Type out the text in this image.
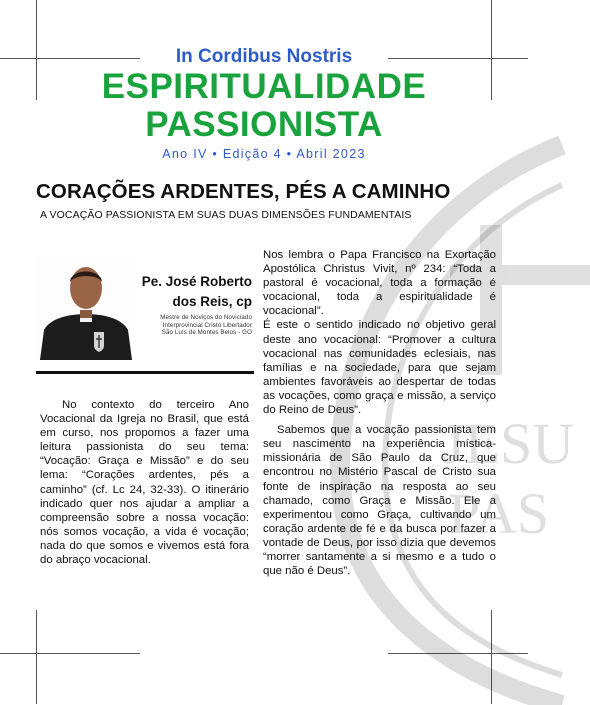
JESU
PAS
In Cordibus Nostris
ESPIRITUALIDADE
PASSIONISTA
Ano IV • Edição 4 • Abril 2023
CORAÇÕES ARDENTES, PÉS A CAMINHO
A VOCAÇÃO PASSIONISTA EM SUAS DUAS DIMENSÕES FUNDAMENTAIS
Pe. José Roberto
dos Reis, cp
Mestre de Noviços do Noviciado
Interprovincial Cristo Libertador
São Luís de Montes Belos - GO

No contexto do terceiro Ano Vocacional da Igreja no Brasil, que está em curso, nos propomos a fazer uma leitura passionista do seu tema: “Vocação: Graça e Missão” e do seu lema: “Corações ardentes, pés a caminho” (cf. Lc 24, 32-33). O itinerário indicado quer nos ajudar a ampliar a compreensão sobre a nossa vocação: nós somos vocação, a vida é vocação; nada do que somos e vivemos está fora do abraço vocacional.

Nos lembra o Papa Francisco na Exortação Apostólica Christus Vivit, nº 234: “Toda a pastoral é vocacional, toda a formação é vocacional, toda a espiritualidade é vocacional”.

É este o sentido indicado no objetivo geral deste ano vocacional: “Promover a cultura vocacional nas comunidades eclesiais, nas famílias e na sociedade, para que sejam ambientes favoráveis ao despertar de todas as vocações, como graça e missão, a serviço do Reino de Deus”.

Sabemos que a vocação passionista tem seu nascimento na experiência mística-missionária de São Paulo da Cruz, que encontrou no Mistério Pascal de Cristo sua fonte de inspiração na resposta ao seu chamado, como Graça e Missão. Ele a experimentou como Graça, cultivando um coração ardente de fé e da busca por fazer a vontade de Deus, por isso dizia que devemos “morrer santamente a si mesmo e a tudo o que não é Deus”.
